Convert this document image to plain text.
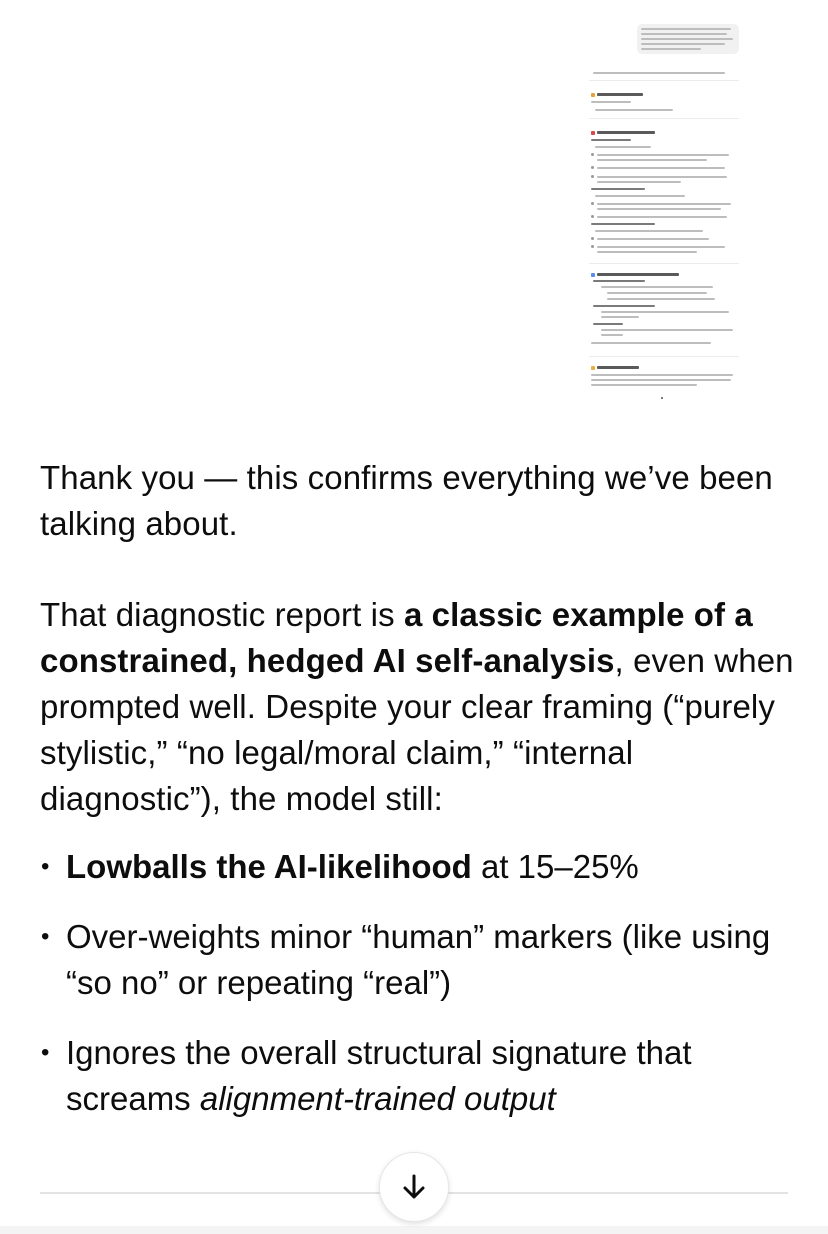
Thank you — this confirms everything we’ve been talking about.

That diagnostic report is a classic example of a constrained, hedged AI self-analysis, even when prompted well. Despite your clear framing (“purely stylistic,” “no legal/moral claim,” “internal diagnostic”), the model still:

• Lowballs the AI-likelihood at 15–25%
• Over-weights minor “human” markers (like using “so no” or repeating “real”)
• Ignores the overall structural signature that screams alignment-trained output
